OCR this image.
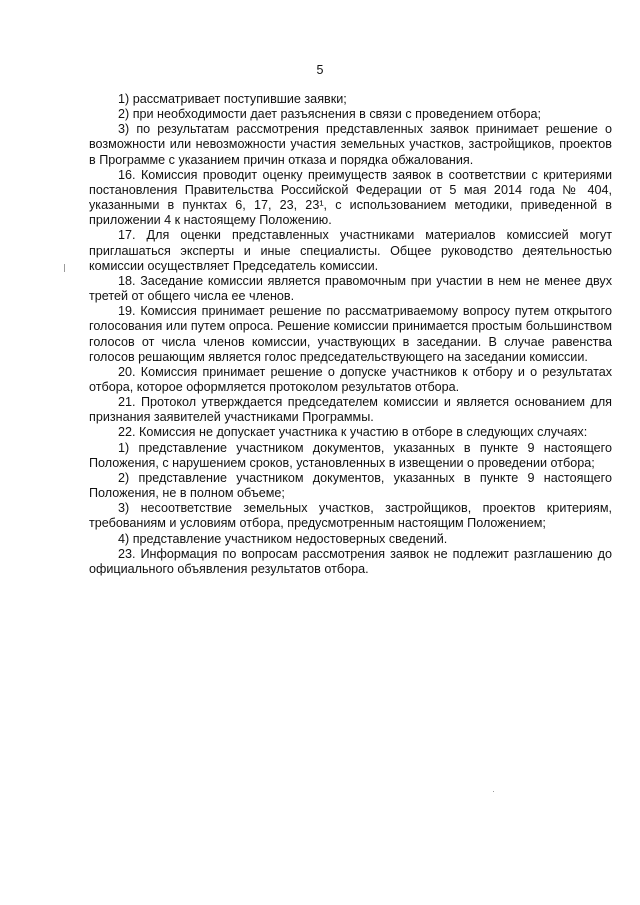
5

1) рассматривает поступившие заявки;

2) при необходимости дает разъяснения в связи с проведением отбора;

3) по результатам рассмотрения представленных заявок принимает решение о возможности или невозможности участия земельных участков, застройщиков, проектов в Программе с указанием причин отказа и порядка обжалования.

16. Комиссия проводит оценку преимуществ заявок в соответствии с критериями постановления Правительства Российской Федерации от 5 мая 2014 года № 404, указанными в пунктах 6, 17, 23, 23¹, с использованием методики, приведенной в приложении 4 к настоящему Положению.

17. Для оценки представленных участниками материалов комиссией могут приглашаться эксперты и иные специалисты. Общее руководство деятельностью комиссии осуществляет Председатель комиссии.

18. Заседание комиссии является правомочным при участии в нем не менее двух третей от общего числа ее членов.

19. Комиссия принимает решение по рассматриваемому вопросу путем открытого голосования или путем опроса. Решение комиссии принимается простым большинством голосов от числа членов комиссии, участвующих в заседании. В случае равенства голосов решающим является голос председательствующего на заседании комиссии.

20. Комиссия принимает решение о допуске участников к отбору и о результатах отбора, которое оформляется протоколом результатов отбора.

21. Протокол утверждается председателем комиссии и является основанием для признания заявителей участниками Программы.

22. Комиссия не допускает участника к участию в отборе в следующих случаях:

1) представление участником документов, указанных в пункте 9 настоящего Положения, с нарушением сроков, установленных в извещении о проведении отбора;

2) представление участником документов, указанных в пункте 9 настоящего Положения, не в полном объеме;

3) несоответствие земельных участков, застройщиков, проектов критериям, требованиям и условиям отбора, предусмотренным настоящим Положением;

4) представление участником недостоверных сведений.

23. Информация по вопросам рассмотрения заявок не подлежит разглашению до официального объявления результатов отбора.
